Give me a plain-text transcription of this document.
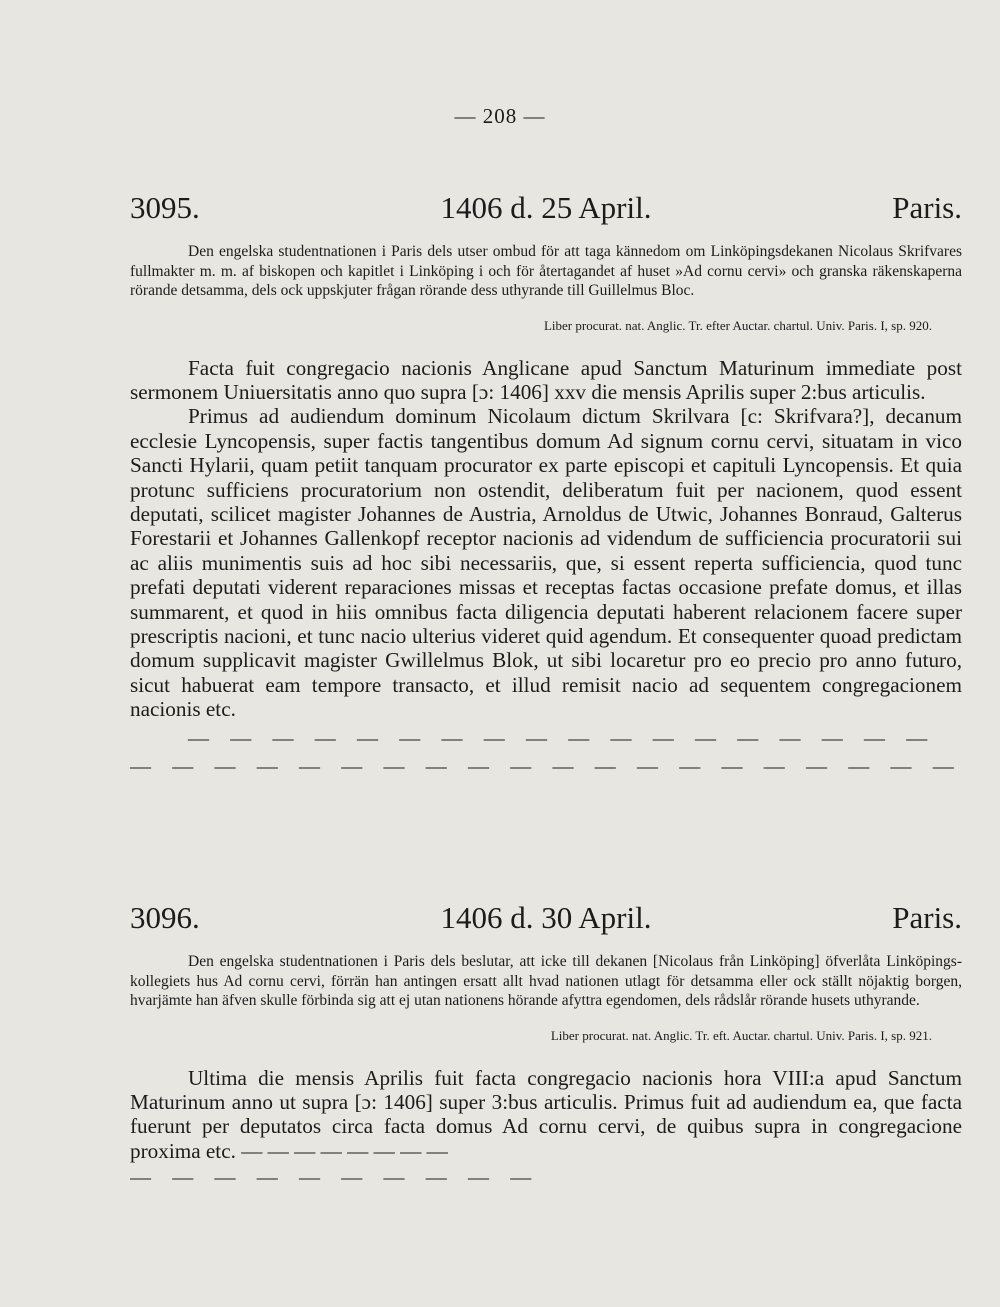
— 208 —
3095.	1406 d. 25 April.	Paris.

Den engelska studentnationen i Paris dels utser ombud för att taga kännedom om Linköpingsdekanen Nicolaus Skrifvares fullmakter m. m. af biskopen och kapitlet i Linköping i och för återtagandet af huset »Ad cornu cervi» och granska räkenskaperna rörande detsamma, dels ock uppskjuter frågan rörande dess uthyrande till Guillelmus Bloc.

Liber procurat. nat. Anglic. Tr. efter Auctar. chartul. Univ. Paris. I, sp. 920.

Facta fuit congregacio nacionis Anglicane apud Sanctum Maturinum immediate post sermonem Uniuersitatis anno quo supra [ɔ: 1406] xxv die mensis Aprilis super 2:bus articulis.

Primus ad audiendum dominum Nicolaum dictum Skrilvara [c: Skrifvara?], decanum ecclesie Lyncopensis, super factis tangentibus domum Ad signum cornu cervi, situatam in vico Sancti Hylarii, quam petiit tanquam procurator ex parte episcopi et capituli Lyncopensis. Et quia protunc sufficiens procuratorium non ostendit, deliberatum fuit per nacionem, quod essent deputati, scilicet magister Johannes de Austria, Arnoldus de Utwic, Johannes Bonraud, Galterus Forestarii et Johannes Gallenkopf receptor nacionis ad videndum de sufficiencia procuratorii sui ac aliis munimentis suis ad hoc sibi necessariis, que, si essent reperta sufficiencia, quod tunc prefati deputati viderent reparaciones missas et receptas factas occasione prefate domus, et illas summarent, et quod in hiis omnibus facta diligencia deputati haberent relacionem facere super prescriptis nacioni, et tunc nacio ulterius videret quid agendum. Et consequenter quoad predictam domum supplicavit magister Gwillelmus Blok, ut sibi locaretur pro eo precio pro anno futuro, sicut habuerat eam tempore transacto, et illud remisit nacio ad sequentem congregacionem nacionis etc.

— — — — — — — — — — — — — — — — — —
— — — — — — — — — — — — — — — — — — — —
3096.	1406 d. 30 April.	Paris.

Den engelska studentnationen i Paris dels beslutar, att icke till dekanen [Nicolaus från Linköping] öfverlåta Linköpings-kollegiets hus Ad cornu cervi, förrän han antingen ersatt allt hvad nationen utlagt för detsamma eller ock ställt nöjaktig borgen, hvarjämte han äfven skulle förbinda sig att ej utan nationens hörande afyttra egendomen, dels rådslår rörande husets uthyrande.

Liber procurat. nat. Anglic. Tr. eft. Auctar. chartul. Univ. Paris. I, sp. 921.

Ultima die mensis Aprilis fuit facta congregacio nacionis hora VIII:a apud Sanctum Maturinum anno ut supra [ɔ: 1406] super 3:bus articulis. Primus fuit ad audiendum ea, que facta fuerunt per deputatos circa facta domus Ad cornu cervi, de quibus supra in congregacione proxima etc. — — — — — — — —

— — — — — — — — — —
